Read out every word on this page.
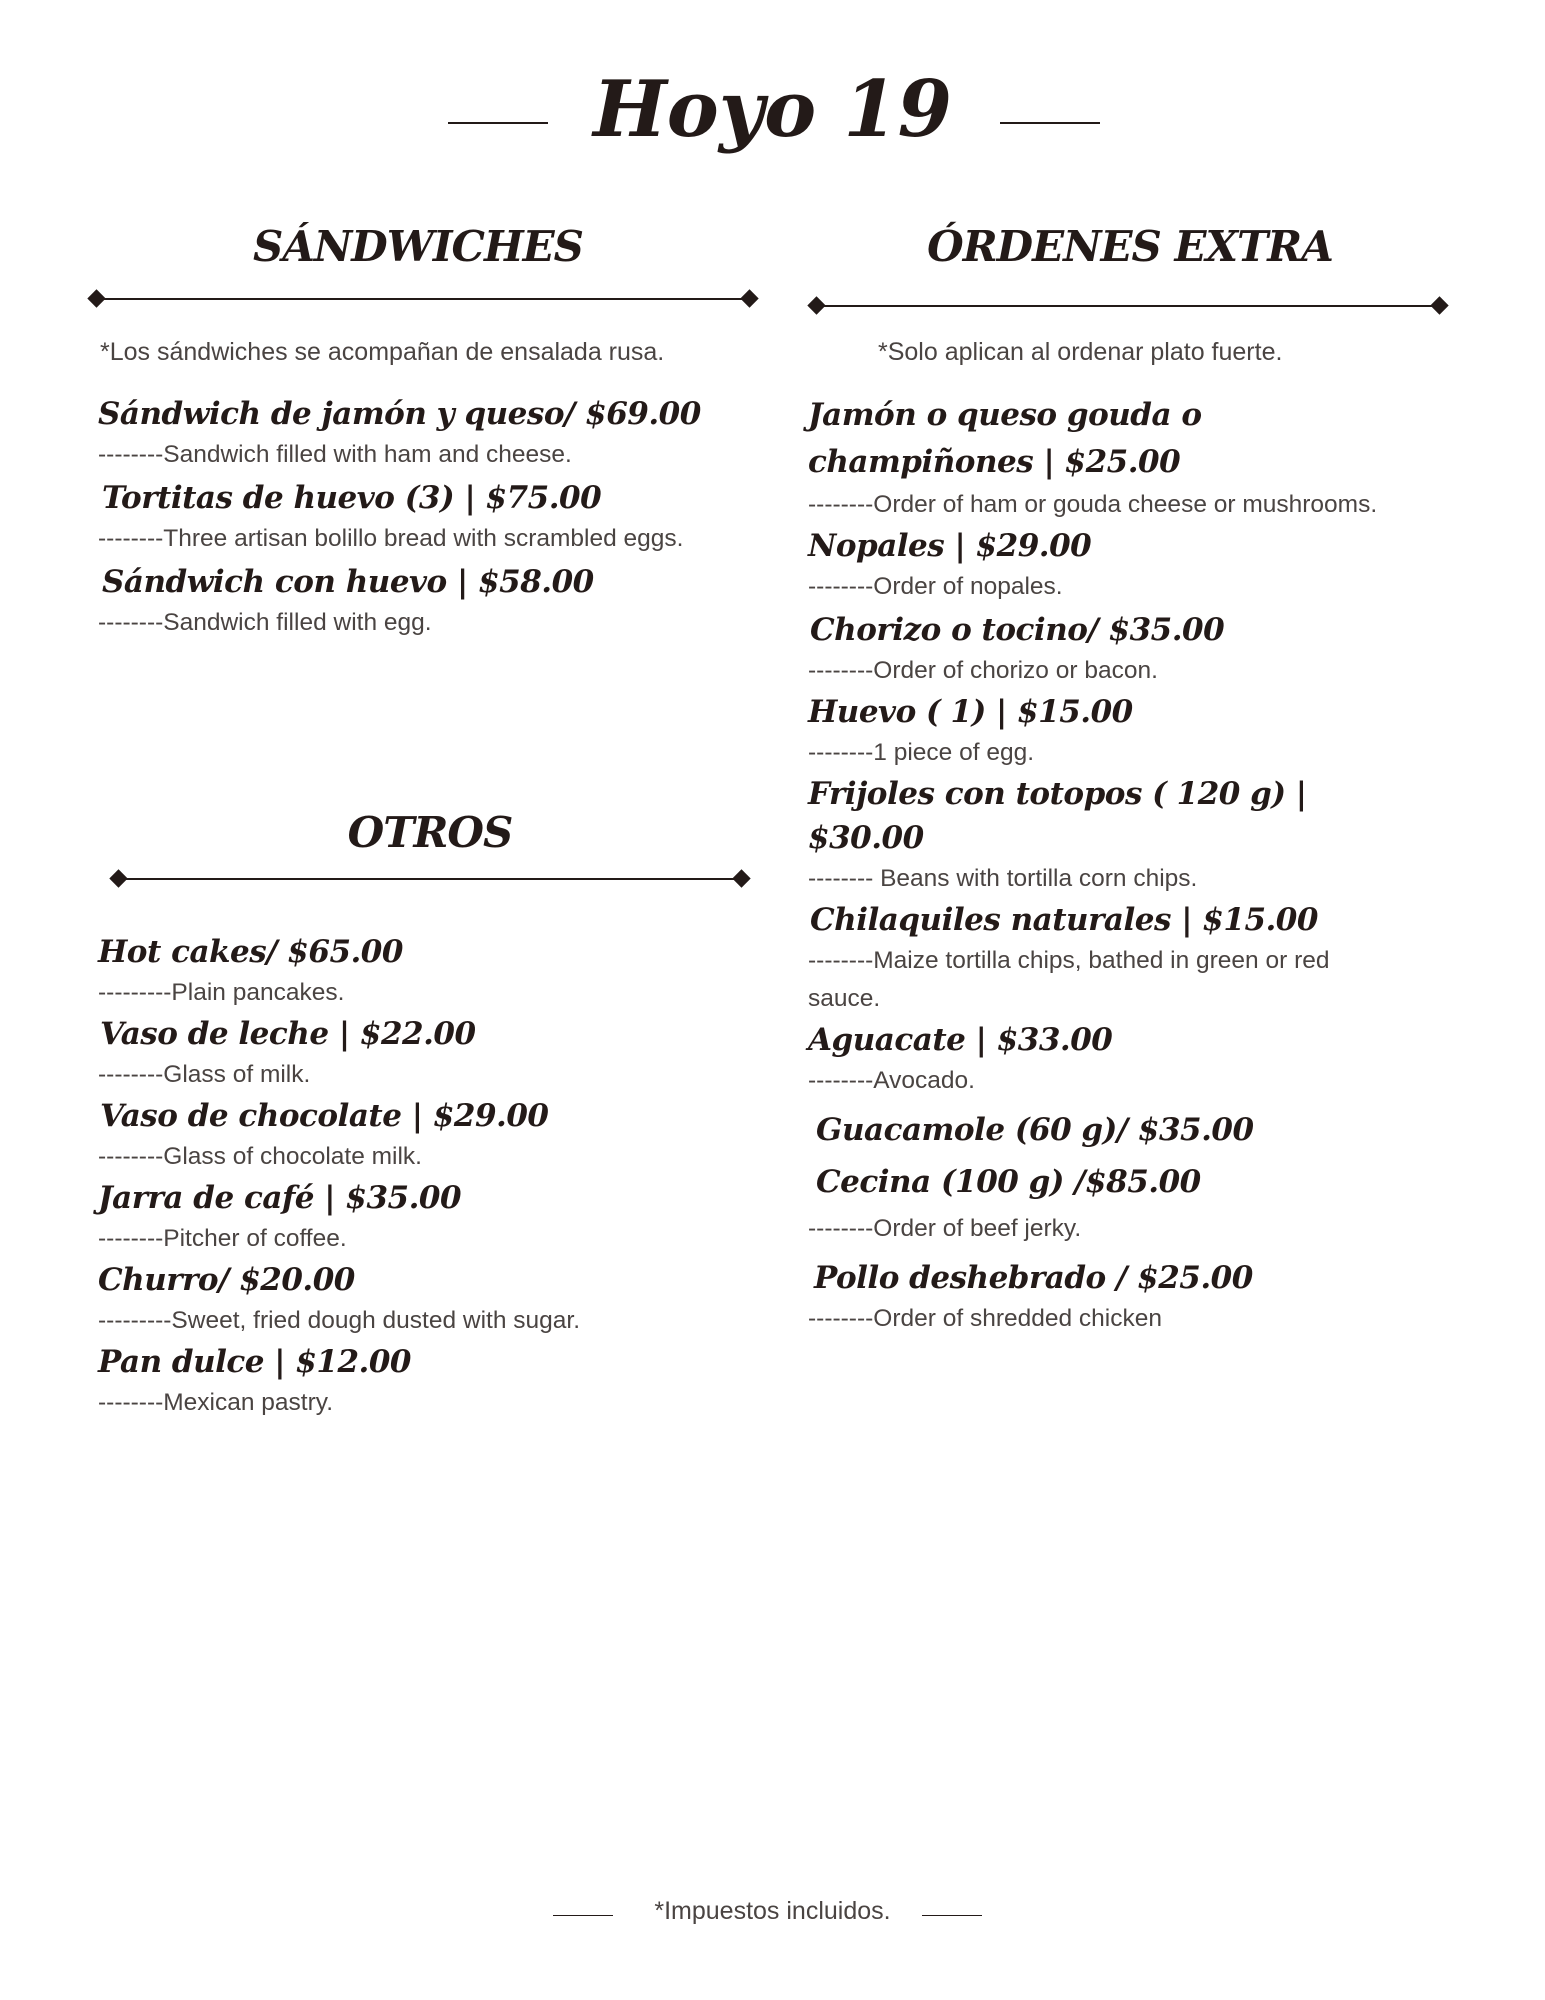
Hoyo 19
SÁNDWICHES
*Los sándwiches se acompañan de ensalada rusa.
Sándwich de jamón y queso/ $69.00
--------Sandwich filled with ham and cheese.
Tortitas de huevo (3) | $75.00
--------Three artisan bolillo bread with scrambled eggs.
Sándwich con huevo | $58.00
--------Sandwich filled with egg.
OTROS
Hot cakes/ $65.00
---------Plain pancakes.
Vaso de leche | $22.00
--------Glass of milk.
Vaso de chocolate | $29.00
--------Glass of chocolate milk.
Jarra de café | $35.00
--------Pitcher of coffee.
Churro/ $20.00
---------Sweet, fried dough dusted with sugar.
Pan dulce | $12.00
--------Mexican pastry.
ÓRDENES EXTRA
*Solo aplican al ordenar plato fuerte.
Jamón o queso gouda o champiñones | $25.00
--------Order of ham or gouda cheese or mushrooms.
Nopales | $29.00
--------Order of nopales.
Chorizo o tocino/ $35.00
--------Order of chorizo or bacon.
Huevo ( 1) | $15.00
--------1 piece of egg.
Frijoles con totopos ( 120 g) | $30.00
-------- Beans with tortilla corn chips.
Chilaquiles naturales | $15.00
--------Maize tortilla chips, bathed in green or red sauce.
Aguacate | $33.00
--------Avocado.
Guacamole (60 g)/ $35.00
Cecina (100 g) /$85.00
--------Order of beef jerky.
Pollo deshebrado / $25.00
--------Order of shredded chicken
*Impuestos incluidos.
